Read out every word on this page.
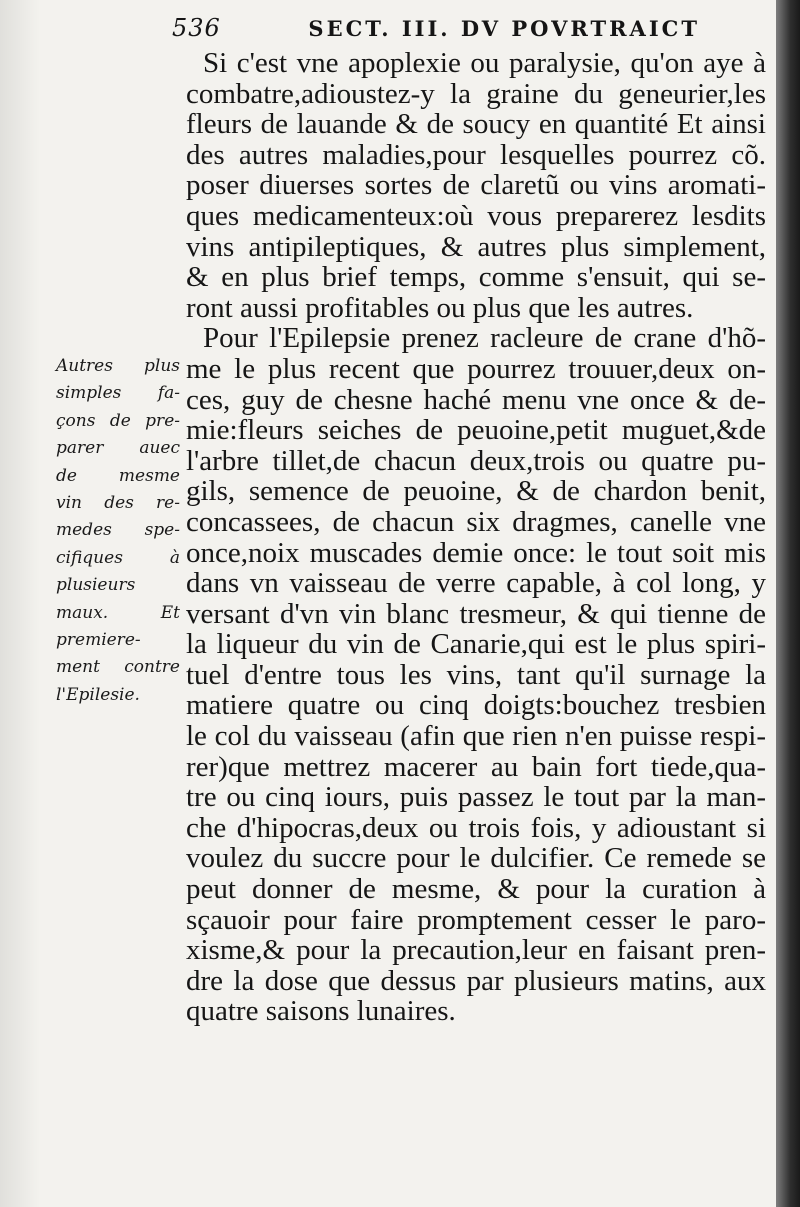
536	SECT. III. DV POVRTRAICT
Autres plus
simples fa-
çons de pre-
parer auec
de mesme
vin des re-
medes spe-
cifiques à
plusieurs
maux. Et
premiere-
ment contre
l'Epilesie.
Si c'est vne apoplexie ou paralysie, qu'on aye à
combatre,adioustez-y la graine du geneurier,les
fleurs de lauande & de soucy en quantité Et ainsi
des autres maladies,pour lesquelles pourrez cõ.
poser diuerses sortes de claretũ ou vins aromati-
ques medicamenteux:où vous preparerez lesdits
vins antipileptiques, & autres plus simplement,
& en plus brief temps, comme s'ensuit, qui se-
ront aussi profitables ou plus que les autres.
Pour l'Epilepsie prenez racleure de crane d'hõ-
me le plus recent que pourrez trouuer,deux on-
ces, guy de chesne haché menu vne once & de-
mie:fleurs seiches de peuoine,petit muguet,&de
l'arbre tillet,de chacun deux,trois ou quatre pu-
gils, semence de peuoine, & de chardon benit,
concassees, de chacun six dragmes, canelle vne
once,noix muscades demie once: le tout soit mis
dans vn vaisseau de verre capable, à col long, y
versant d'vn vin blanc tresmeur, & qui tienne de
la liqueur du vin de Canarie,qui est le plus spiri-
tuel d'entre tous les vins, tant qu'il surnage la
matiere quatre ou cinq doigts:bouchez tresbien
le col du vaisseau (afin que rien n'en puisse respi-
rer)que mettrez macerer au bain fort tiede,qua-
tre ou cinq iours, puis passez le tout par la man-
che d'hipocras,deux ou trois fois, y adioustant si
voulez du succre pour le dulcifier. Ce remede se
peut donner de mesme, & pour la curation à
sçauoir pour faire promptement cesser le paro-
xisme,& pour la precaution,leur en faisant pren-
dre la dose que dessus par plusieurs matins, aux
quatre saisons lunaires.
